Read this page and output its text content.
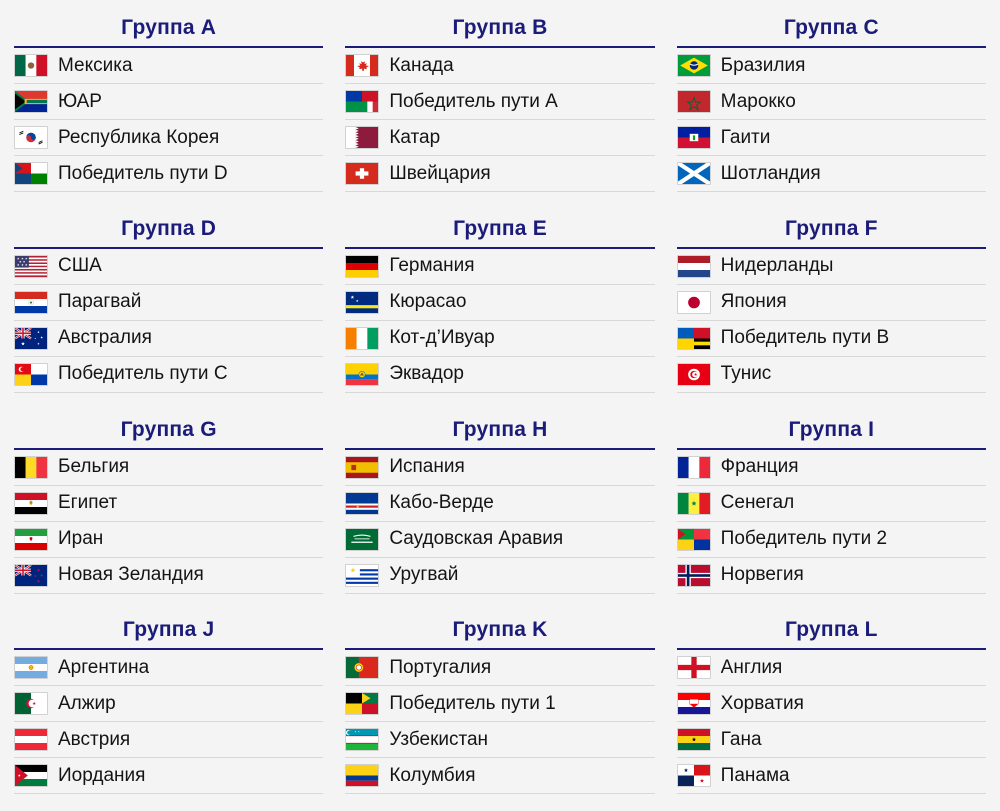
Группа A
Мексика
ЮАР
Республика Корея
Победитель пути D
Группа B
Канада
Победитель пути A
Катар
Швейцария
Группа C
Бразилия
Марокко
Гаити
Шотландия
Группа D
США
Парагвай
Австралия
Победитель пути C
Группа E
Германия
Кюрасао
Кот-д’Ивуар
Эквадор
Группа F
Нидерланды
Япония
Победитель пути B
Тунис
Группа G
Бельгия
Египет
Иран
Новая Зеландия
Группа H
Испания
Кабо-Верде
Саудовская Аравия
Уругвай
Группа I
Франция
Сенегал
Победитель пути 2
Норвегия
Группа J
Аргентина
Алжир
Австрия
Иордания
Группа K
Португалия
Победитель пути 1
Узбекистан
Колумбия
Группа L
Англия
Хорватия
Гана
Панама
